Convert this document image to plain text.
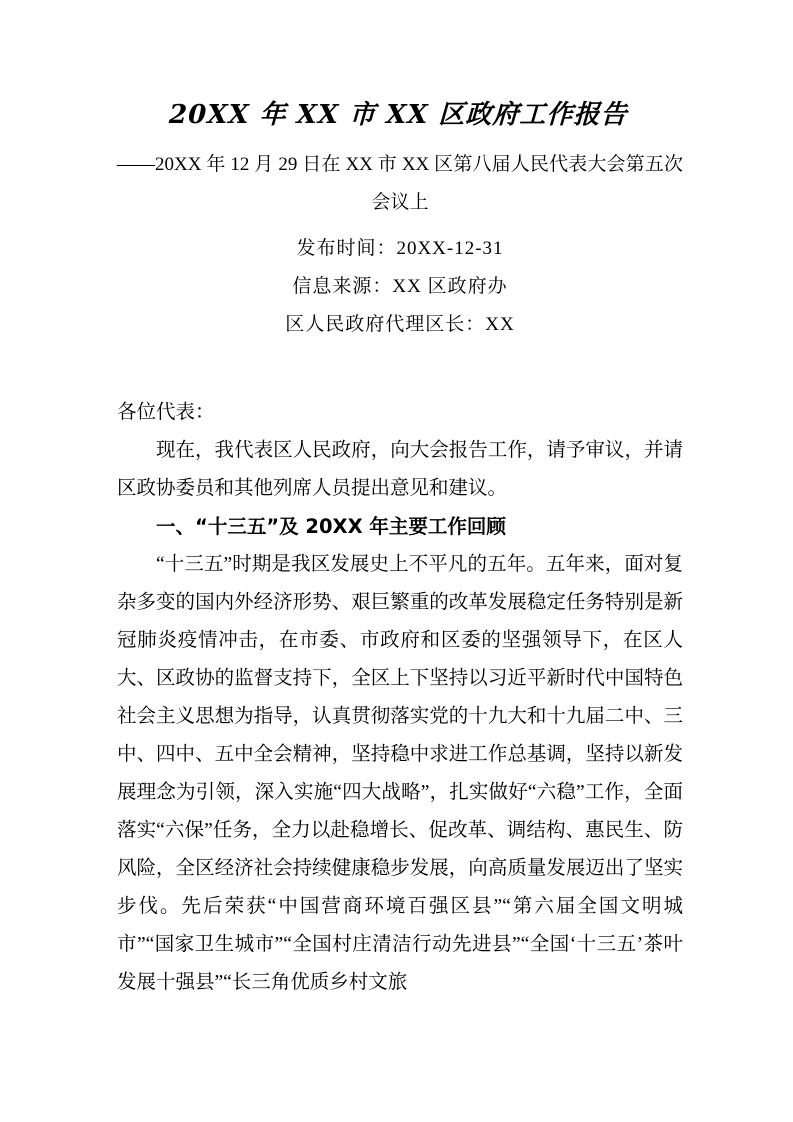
20XX 年 XX 市 XX 区政府工作报告

——20XX 年 12 月 29 日在 XX 市 XX 区第八届人民代表大会第五次会议上

发布时间：20XX-12-31

信息来源：XX 区政府办

区人民政府代理区长：XX

各位代表：

现在，我代表区人民政府，向大会报告工作，请予审议，并请区政协委员和其他列席人员提出意见和建议。

一、“十三五”及 20XX 年主要工作回顾

“十三五”时期是我区发展史上不平凡的五年。五年来，面对复杂多变的国内外经济形势、艰巨繁重的改革发展稳定任务特别是新冠肺炎疫情冲击，在市委、市政府和区委的坚强领导下，在区人大、区政协的监督支持下，全区上下坚持以习近平新时代中国特色社会主义思想为指导，认真贯彻落实党的十九大和十九届二中、三中、四中、五中全会精神，坚持稳中求进工作总基调，坚持以新发展理念为引领，深入实施“四大战略”，扎实做好“六稳”工作，全面落实“六保”任务，全力以赴稳增长、促改革、调结构、惠民生、防风险，全区经济社会持续健康稳步发展，向高质量发展迈出了坚实步伐。先后荣获“中国营商环境百强区县”“第六届全国文明城市”“国家卫生城市”“全国村庄清洁行动先进县”“全国‘十三五’茶叶发展十强县”“长三角优质乡村文旅
